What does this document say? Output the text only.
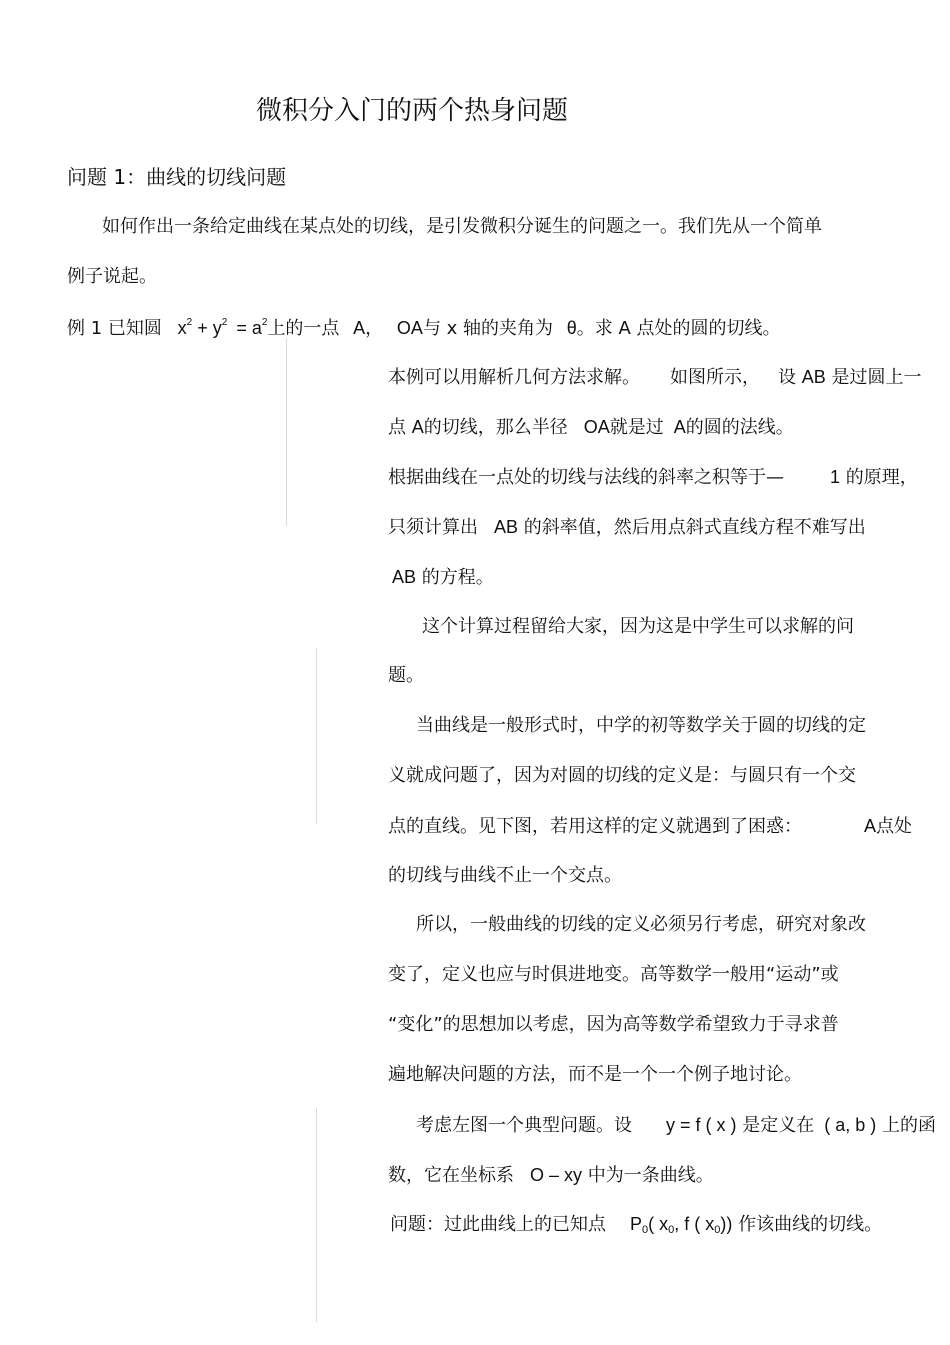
微积分入门的两个热身问题
问题 1：曲线的切线问题
如何作出一条给定曲线在某点处的切线，是引发微积分诞生的问题之一。我们先从一个简单
例子说起。
例 1 已知圆 $x^2 + y^2 = a^2$上的一点 A， OA与 x 轴的夹角为 θ。求 A 点处的圆的切线。
本例可以用解析几何方法求解。 如图所示， 设 AB 是过圆上一
点 A的切线，那么半径 OA就是过 A的圆的法线。
根据曲线在一点处的切线与法线的斜率之积等于—	1 的原理，
只须计算出 AB 的斜率值，然后用点斜式直线方程不难写出
AB 的方程。
这个计算过程留给大家，因为这是中学生可以求解的问
题。
当曲线是一般形式时，中学的初等数学关于圆的切线的定
义就成问题了，因为对圆的切线的定义是：与圆只有一个交
点的直线。见下图，若用这样的定义就遇到了困惑：	A点处
的切线与曲线不止一个交点。
所以，一般曲线的切线的定义必须另行考虑，研究对象改
变了，定义也应与时俱进地变。高等数学一般用“运动”或
“变化”的思想加以考虑，因为高等数学希望致力于寻求普
遍地解决问题的方法，而不是一个一个例子地讨论。
考虑左图一个典型问题。设 y = f ( x ) 是定义在 ( a, b ) 上的函
数，它在坐标系 O – xy 中为一条曲线。
问题：过此曲线上的已知点 $P_0$( $x_0$, f ( $x_0$)) 作该曲线的切线。
